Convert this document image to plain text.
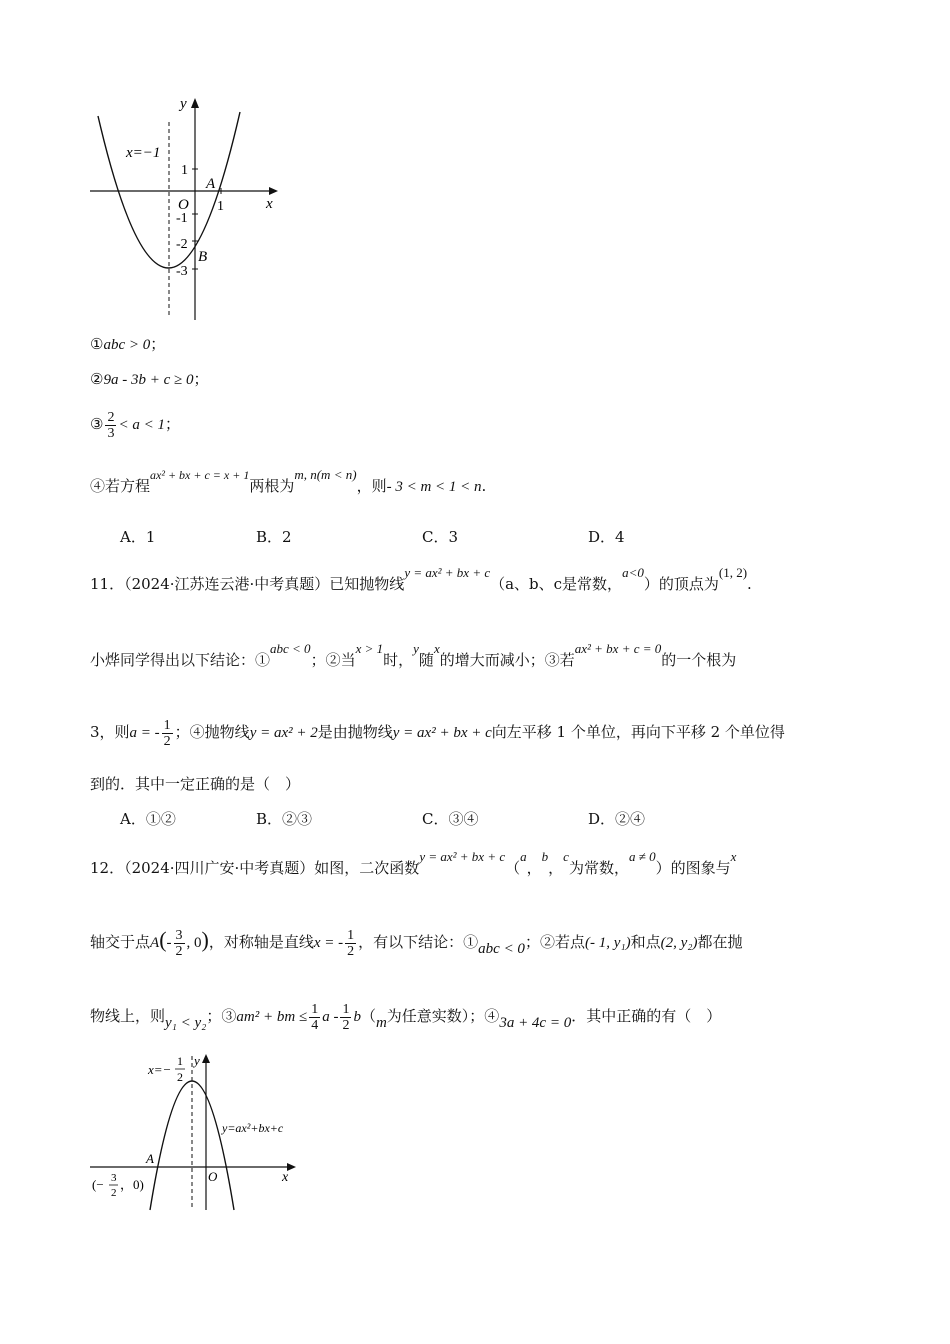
x=−1
y
x
O
1
1
-1
-2
-3
A
B
①abc > 0；
②9a - 3b + c ≥ 0；
③ $\frac{2}{3} < a < 1$；
④若方程$^{ax^2 + bx + c = x + 1}$两根为m, n(m < n)，则- 3 < m < 1 < n.
A．1	B．2	C．3	D．4
11．（2024·江苏连云港·中考真题）已知抛物线y = ax² + bx + c（a、b、c是常数，a<0）的顶点为(1, 2).
小烨同学得出以下结论：①abc < 0；②当x > 1时，y随x的增大而减小；③若ax² + bx + c = 0的一个根为
3，则a = - $\frac{1}{2}$ ；④抛物线y = ax² + 2是由抛物线y = ax² + bx + c向左平移 1 个单位，再向下平移 2 个单位得
到的．其中一定正确的是（　）
A．①②	B．②③	C．③④	D．②④
12．（2024·四川广安·中考真题）如图，二次函数y = ax² + bx + c（a，b，c为常数，a ≠ 0）的图象与x
轴交于点$A(- \frac{3}{2}$ , 0)，对称轴是直线x = - $\frac{1}{2}$ ，有以下结论：①abc < 0；②若点(- 1, y₁)和点(2, y₂)都在抛
物线上，则y₁ < y₂；③am² + bm ≤ $\frac{1}{4}$ a - $\frac{1}{2} b(m$为任意实数）；④3a + 4c = 0．其中正确的有（　）
x=−
1
2
y
x
O
A
y=ax²+bx+c
(− 3
2
，0)
